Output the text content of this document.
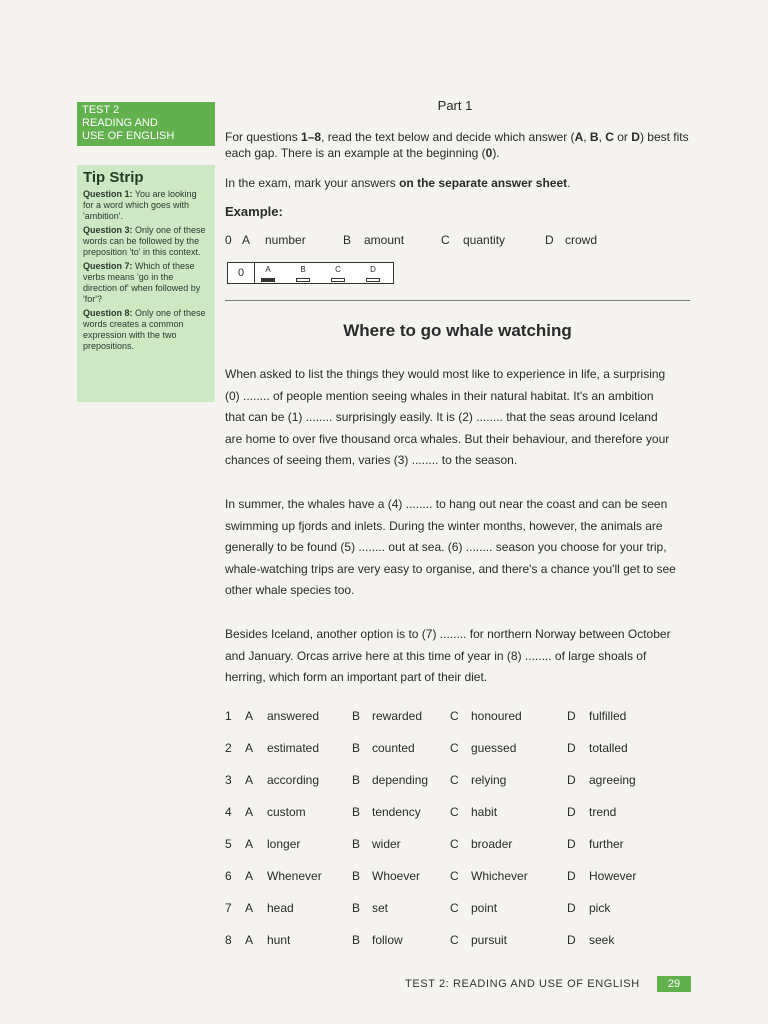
TEST 2
READING AND
USE OF ENGLISH
Tip Strip
Question 1: You are looking for a word which goes with 'ambition'.
Question 3: Only one of these words can be followed by the preposition 'to' in this context.
Question 7: Which of these verbs means 'go in the direction of' when followed by 'for'?
Question 8: Only one of these words creates a common expression with the two prepositions.
Part 1
For questions 1–8, read the text below and decide which answer (A, B, C or D) best fits each gap. There is an example at the beginning (0).
In the exam, mark your answers on the separate answer sheet.
Example:
0 A number	B amount	C quantity	D crowd
0	A	B	C	D
Where to go whale watching
When asked to list the things they would most like to experience in life, a surprising
(0) ........ of people mention seeing whales in their natural habitat. It's an ambition
that can be (1) ........ surprisingly easily. It is (2) ........ that the seas around Iceland
are home to over five thousand orca whales. But their behaviour, and therefore your
chances of seeing them, varies (3) ........ to the season.
In summer, the whales have a (4) ........ to hang out near the coast and can be seen
swimming up fjords and inlets. During the winter months, however, the animals are
generally to be found (5) ........ out at sea. (6) ........ season you choose for your trip,
whale-watching trips are very easy to organise, and there's a chance you'll get to see
other whale species too.
Besides Iceland, another option is to (7) ........ for northern Norway between October
and January. Orcas arrive here at this time of year in (8) ........ of large shoals of
herring, which form an important part of their diet.
1 A answered	B rewarded C honoured	D fulfilled
2 A estimated	B counted	C guessed	D totalled
3 A according	B depending C relying	D agreeing
4 A custom	B tendency C habit	D trend
5 A longer	B wider	C broader	D further
6 A Whenever	B Whoever C Whichever	D However
7 A head	B set	C point	D pick
8 A hunt	B follow	C pursuit	D seek
TEST 2: READING AND USE OF ENGLISH	29
